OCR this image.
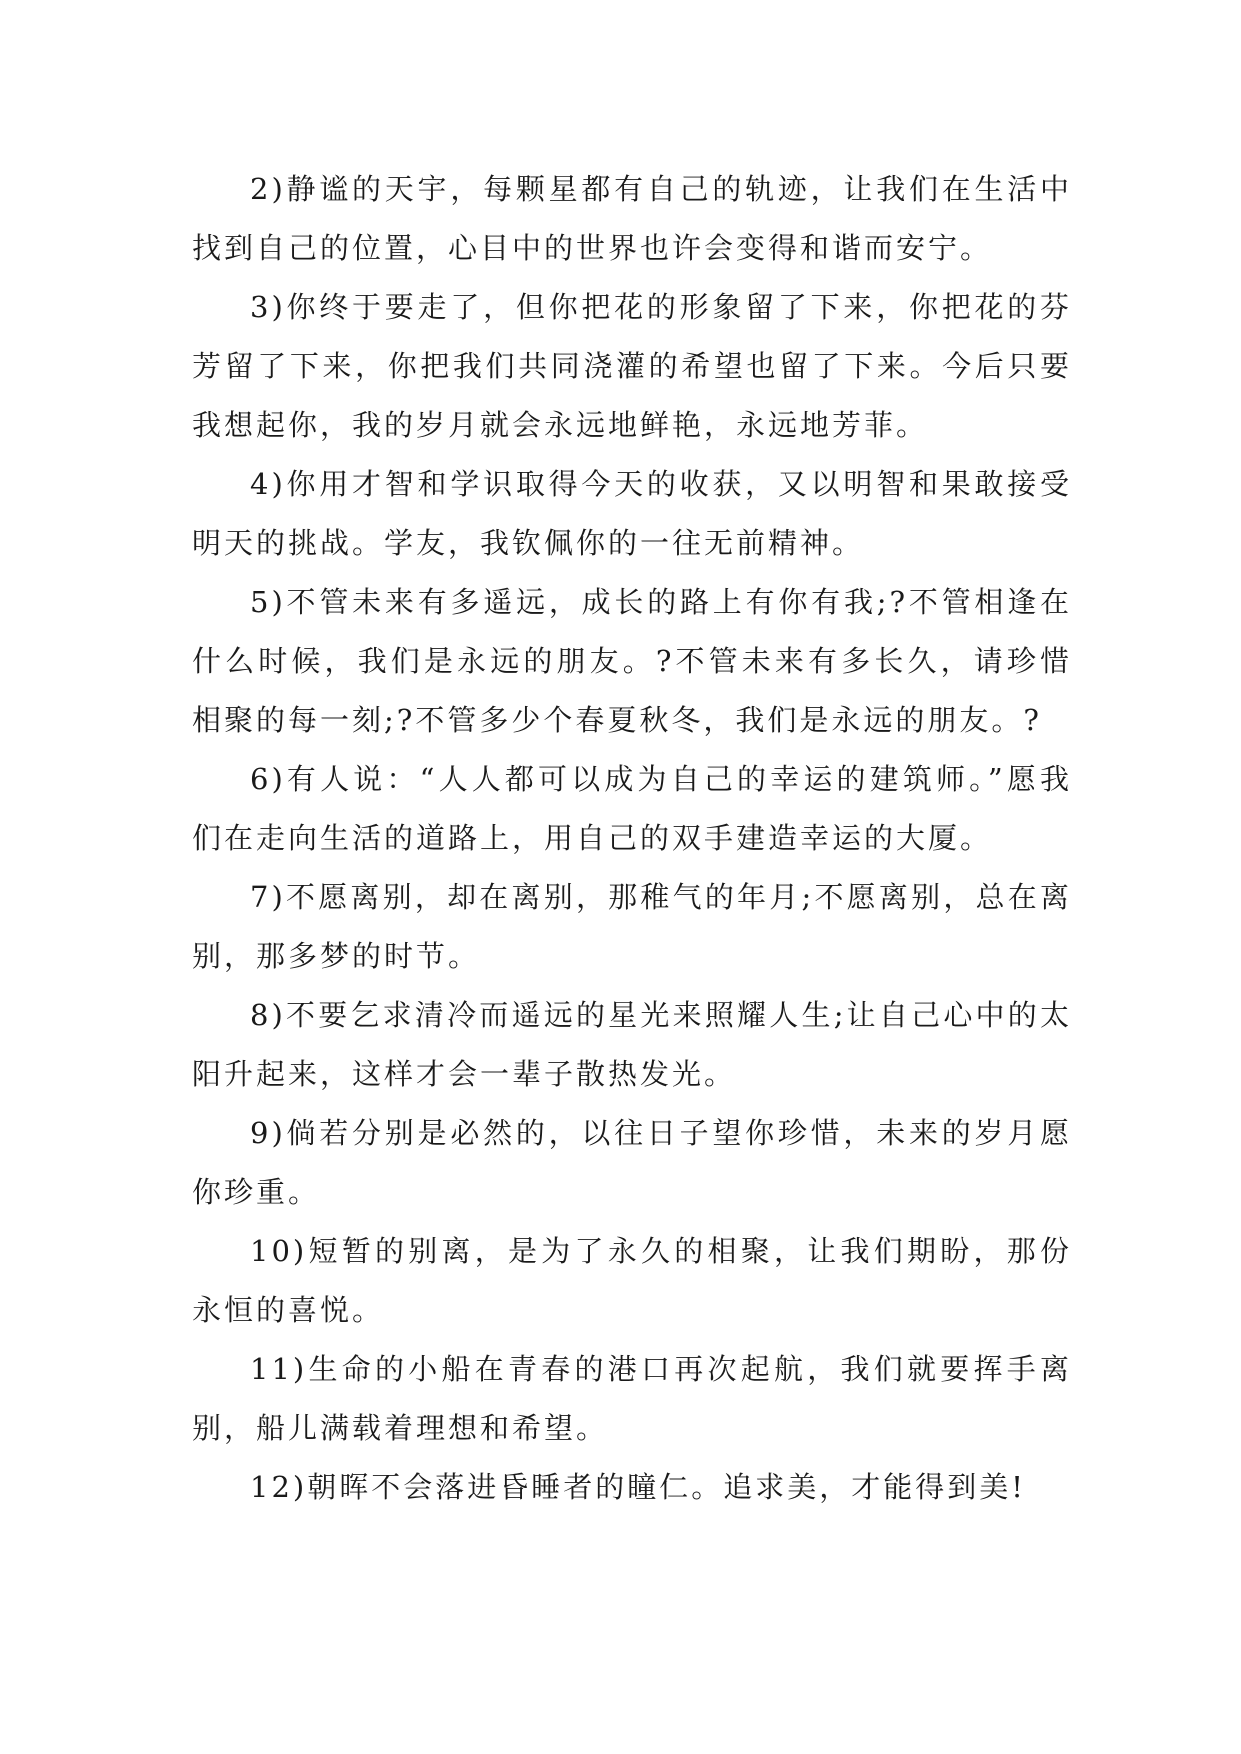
2)静谧的天宇，每颗星都有自己的轨迹，让我们在生活中找到自己的位置，心目中的世界也许会变得和谐而安宁。

3)你终于要走了，但你把花的形象留了下来，你把花的芬芳留了下来，你把我们共同浇灌的希望也留了下来。今后只要我想起你，我的岁月就会永远地鲜艳，永远地芳菲。

4)你用才智和学识取得今天的收获，又以明智和果敢接受明天的挑战。学友，我钦佩你的一往无前精神。

5)不管未来有多遥远，成长的路上有你有我;?不管相逢在什么时候，我们是永远的朋友。?不管未来有多长久，请珍惜相聚的每一刻;?不管多少个春夏秋冬，我们是永远的朋友。?

6)有人说：“人人都可以成为自己的幸运的建筑师。”愿我们在走向生活的道路上，用自己的双手建造幸运的大厦。

7)不愿离别，却在离别，那稚气的年月;不愿离别，总在离别，那多梦的时节。

8)不要乞求清冷而遥远的星光来照耀人生;让自己心中的太阳升起来，这样才会一辈子散热发光。

9)倘若分别是必然的，以往日子望你珍惜，未来的岁月愿你珍重。

10)短暂的别离，是为了永久的相聚，让我们期盼，那份永恒的喜悦。

11)生命的小船在青春的港口再次起航，我们就要挥手离别，船儿满载着理想和希望。

12)朝晖不会落进昏睡者的瞳仁。追求美，才能得到美!
